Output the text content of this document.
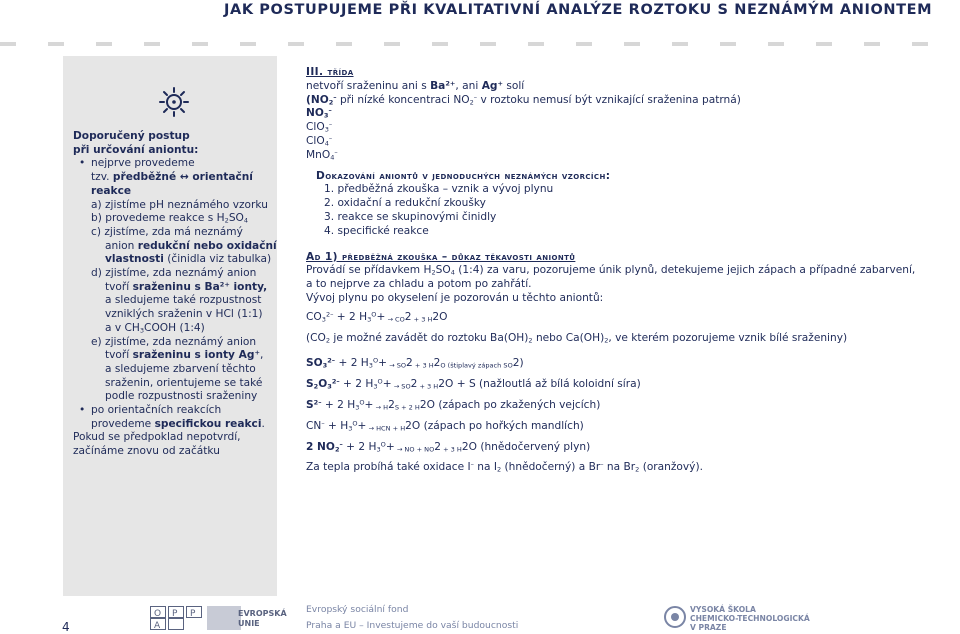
JAK POSTUPUJEME PŘI KVALITATIVNÍ ANALÝZE ROZTOKU S NEZNÁMÝM ANIONTEM
Doporučený postup
při určování aniontu:
• nejprve provedeme
tzv. předběžné ↔ orientační
reakce
a) zjistíme pH neznámého vzorku
b) provedeme reakce s $H_2SO_4$
c) zjistíme, zda má neznámý
anion redukční nebo oxidační
vlastnosti (činidla viz tabulka)
d) zjistíme, zda neznámý anion
tvoří sraženinu s $Ba^{2+}$ ionty,
a sledujeme také rozpustnost
vzniklých sraženin v HCl (1:1)
a v $CH_3COOH$ (1:4)
e) zjistíme, zda neznámý anion
tvoří sraženinu s ionty Ag+,
a sledujeme zbarvení těchto
sraženin, orientujeme se také
podle rozpustnosti sraženiny
• po orientačních reakcích
provedeme specifickou reakci.
Pokud se předpoklad nepotvrdí,
začínáme znovu od začátku
III. třída
netvoří sraženinu ani s $Ba^{2+}$, ani Ag+ solí
($NO_2^-$ při nízké koncentraci $NO_2^-$ v roztoku nemusí být vznikající sraženina patrná)
$NO_3^-$
ClO$_3$–
ClO$_4$–
MnO$_4$–
Dokazování aniontů v jednoduchých neznámých vzorcích:
1. předběžná zkouška – vznik a vývoj plynu
2. oxidační a redukční zkoušky
3. reakce se skupinovými činidly
4. specifické reakce
Ad 1) předběžná zkouška – důkaz těkavosti aniontů
Provádí se přídavkem $H_2SO_4$ (1:4) za varu, pozorujeme únik plynů, detekujeme jejich zápach a případné zabarvení,
a to nejprve za chladu a potom po zahřátí.
Vývoj plynu po okyselení je pozorován u těchto aniontů:
$CO_3^{2-} + 2$ $H_3^O+ _{\to CO}2$ $_{+ 3 H}$2O
($CO_2$ je možné zavádět do roztoku $Ba(OH)_2$ nebo $Ca(OH)_2$, ve kterém pozorujeme vznik bílé sraženiny)
$SO_3^{2-} + 2$ $H_3^O+ _{\to SO}2$ $_{+ 3 H}2_{O (štiplavý zápach SO}2$)
$S_2O_3^{2-} + 2$ $H_3^O+ _{\to SO}2$ $_{+ 3 H}$2O + S (nažloutlá až bílá koloidní síra)
$S^{2-} + 2$ $H_3^O+ _{\to H}2_{S + 2 H}2O$ (zápach po zkažených vejcích)
$CN^- + H_3^O+ _{\to HCN + H}2O$ (zápach po hořkých mandlích)
2 $NO_2^- + 2$ $H_3^O+ _{\to NO + NO}2$ $_{+ 3 H}$2O (hnědočervený plyn)
Za tepla probíhá také oxidace I– na $I_2$ (hnědočerný) a Br– na $Br_2$ (oranžový).
4
O P P
A
EVROPSKÁ
UNIE
Evropský sociální fond
Praha a EU – Investujeme do vaší budoucnosti
VYSOKÁ ŠKOLA
CHEMICKO-TECHNOLOGICKÁ
V PRAZE
